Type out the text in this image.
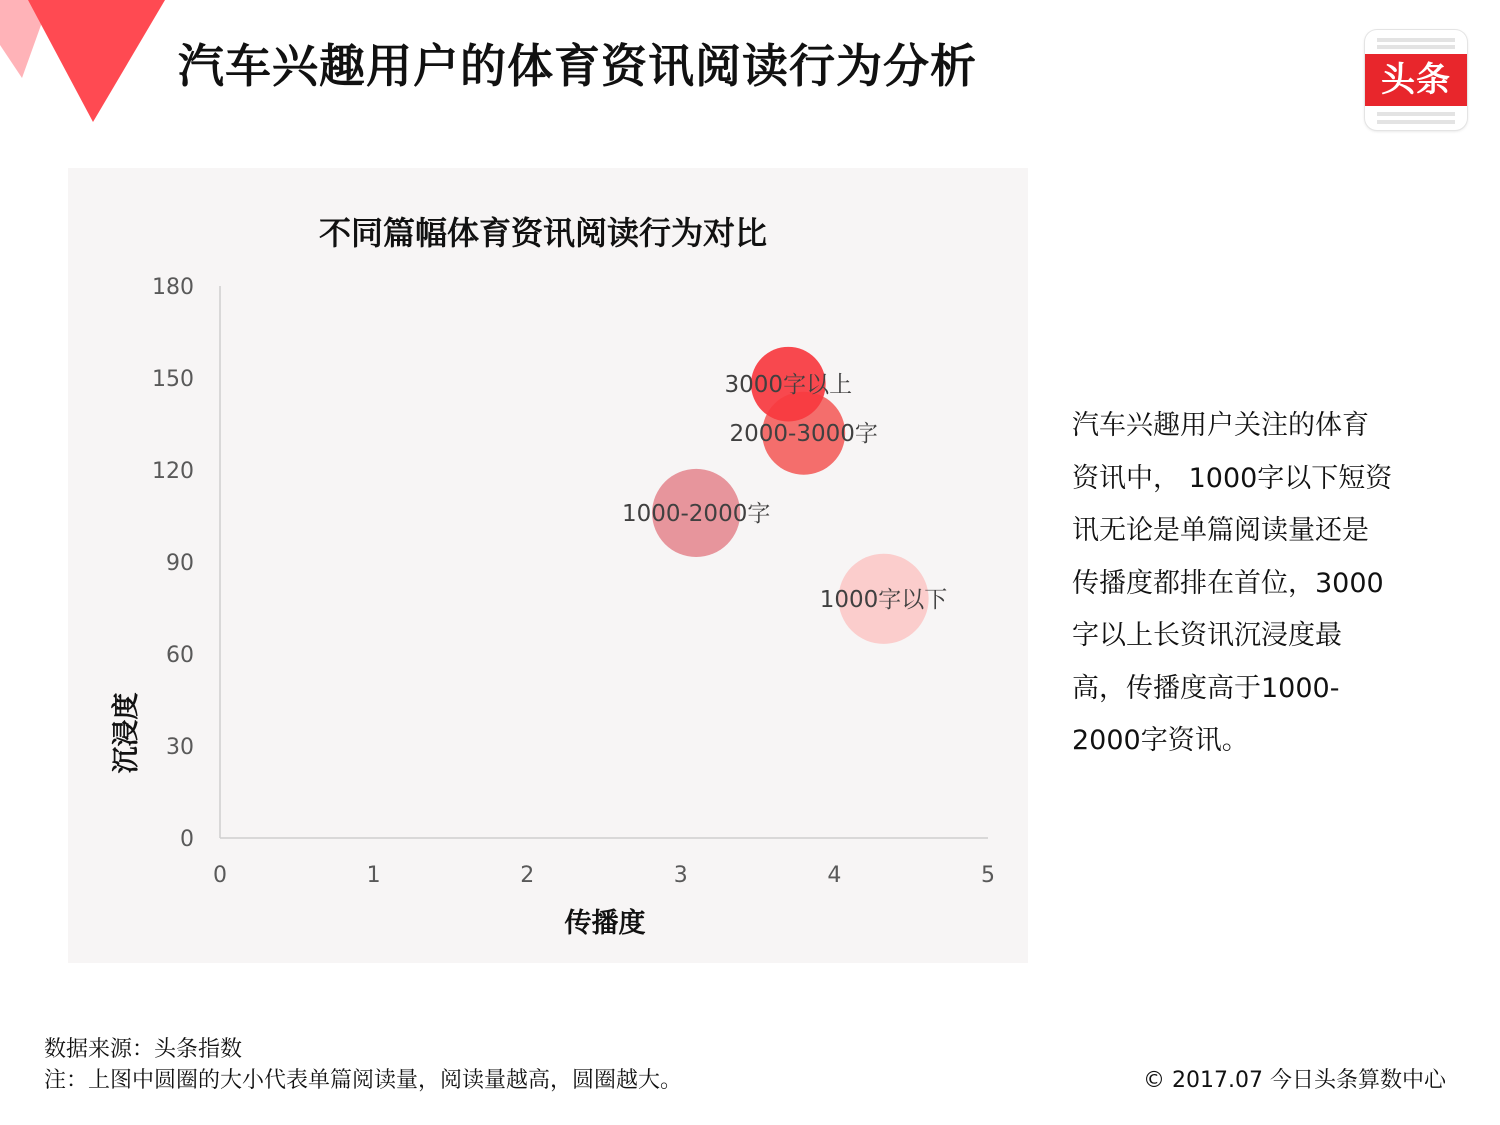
汽车兴趣用户的体育资讯阅读行为分析	头条
不同篇幅体育资讯阅读行为对比
沉浸度
传播度
0
30
60
90
120
150
180
0	1	2	3	4	5
3000字以上
2000-3000字
1000-2000字
1000字以下
汽车兴趣用户关注的体育
资讯中， 1000字以下短资
讯无论是单篇阅读量还是
传播度都排在首位，3000
字以上长资讯沉浸度最
高，传播度高于1000-
2000字资讯。
数据来源：头条指数
注：上图中圆圈的大小代表单篇阅读量，阅读量越高，圆圈越大。	© 2017.07 今日头条算数中心
